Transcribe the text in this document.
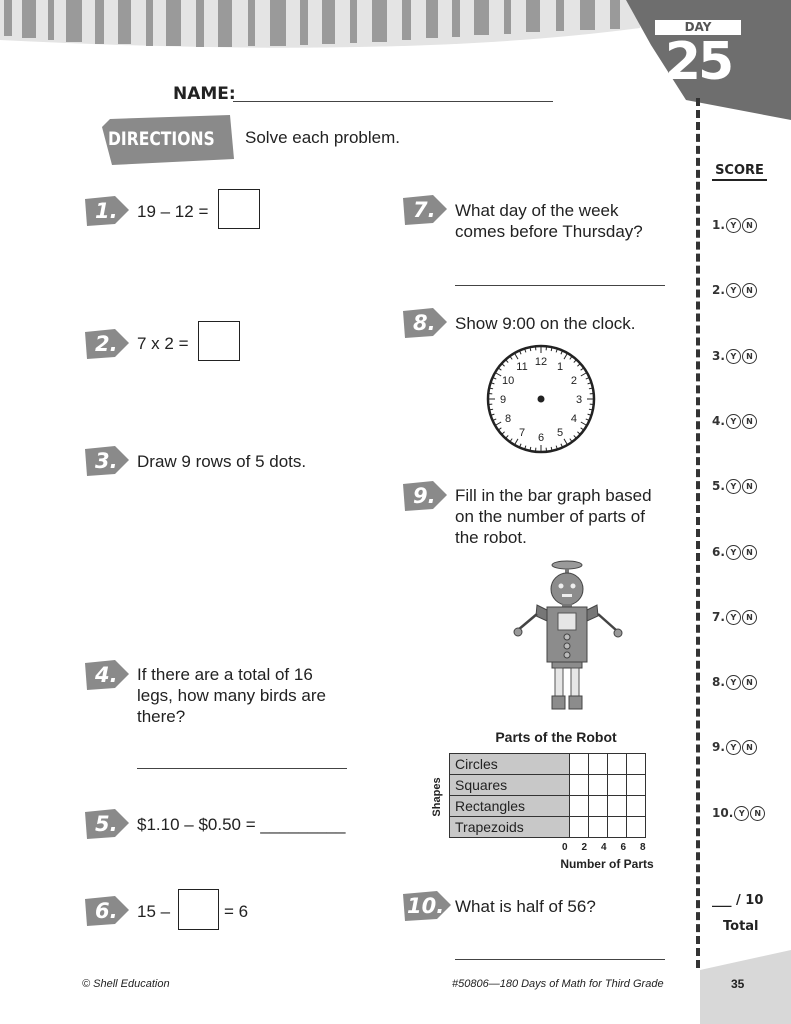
DAY
25
NAME:
DIRECTIONS Solve each problem.
1.	19 – 12 =
2.	7 x 2 =
3.	Draw 9 rows of 5 dots.
4.	If there are a total of 16
legs, how many birds are
there?
5.	$1.10 – $0.50 = _________
6.	15 –	= 6
7.	What day of the week
comes before Thursday?
8.	Show 9:00 on the clock.
12 1
2
3
4
5
6
7
8
9
10
11
9.	Fill in the bar graph based
on the number of parts of
the robot.
Parts of the Robot
Shapes
Circles				
Squares				
Rectangles				
Trapezoids				
0 2 4 6 8
Number of Parts
10. What is half of 56?
SCORE
1. Y N
2. Y N
3. Y N
4. Y N
5. Y N
6. Y N
7. Y N
8. Y N
9. Y N
10. Y N
___ / 10
Total
© Shell Education	#50806—180 Days of Math for Third Grade	35
